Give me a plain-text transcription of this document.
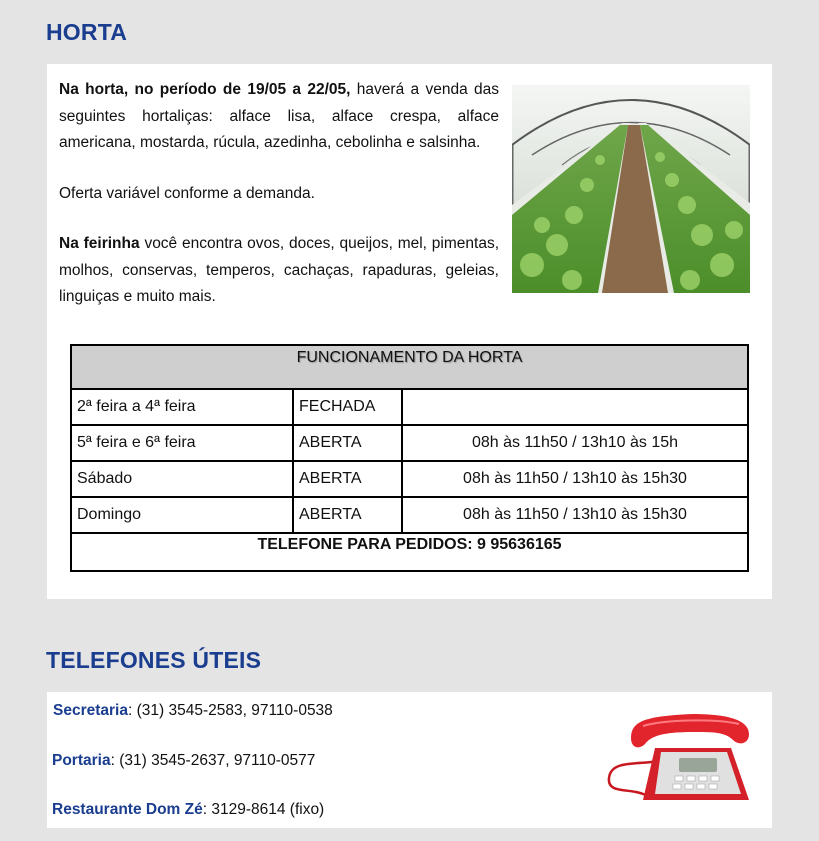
HORTA

Na horta, no período de 19/05 a 22/05, haverá a venda das seguintes hortaliças: alface lisa, alface crespa, alface americana, mostarda, rúcula, azedinha, cebolinha e salsinha.

Oferta variável conforme a demanda.

Na feirinha você encontra ovos, doces, queijos, mel, pimentas, molhos, conservas, temperos, cachaças, rapaduras, geleias, linguiças e muito mais.

FUNCIONAMENTO DA HORTA		
2ª feira a 4ª feira	FECHADA	
5ª feira e 6ª feira	ABERTA	08h às 11h50 / 13h10 às 15h
Sábado	ABERTA	08h às 11h50 / 13h10 às 15h30
Domingo	ABERTA	08h às 11h50 / 13h10 às 15h30
TELEFONE PARA PEDIDOS: 9 95636165		
TELEFONES ÚTEIS

Secretaria: (31) 3545-2583, 97110-0538

Portaria: (31) 3545-2637, 97110-0577

Restaurante Dom Zé: 3129-8614 (fixo)
